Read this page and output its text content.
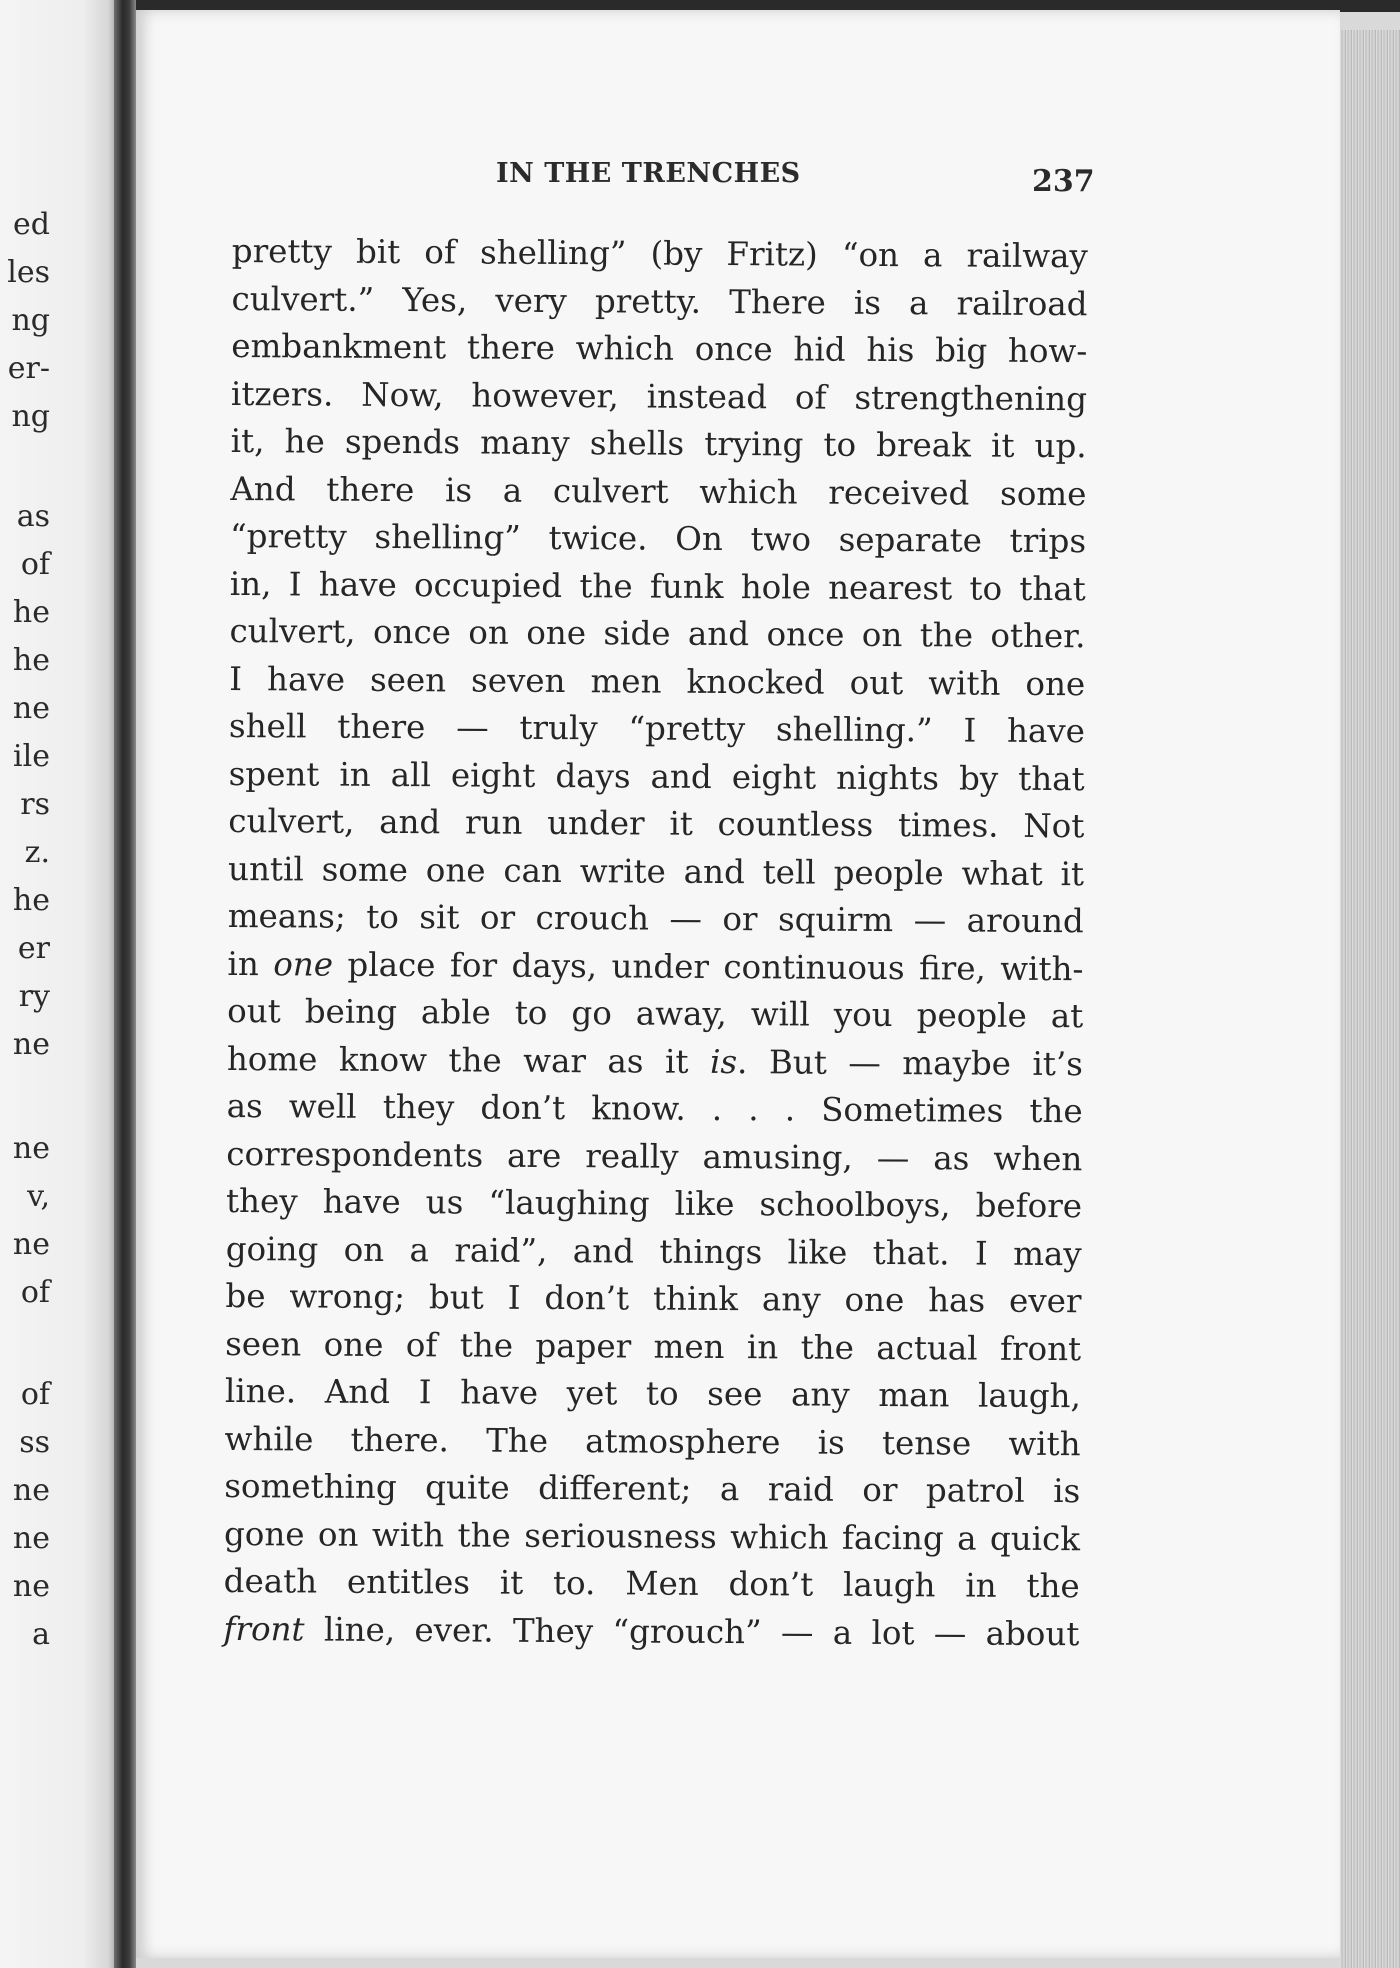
ed
les
ng
er-
ng
as
of
he
he
ne
ile
rs
z.
he
er
ry
ne
ne
v,
ne
of
of
ss
ne
ne
ne
a
IN THE TRENCHES	237
pretty bit of shelling” (by Fritz) “on a railway
culvert.” Yes, very pretty. There is a railroad
embankment there which once hid his big how-
itzers. Now, however, instead of strengthening
it, he spends many shells trying to break it up.
And there is a culvert which received some
“pretty shelling” twice. On two separate trips
in, I have occupied the funk hole nearest to that
culvert, once on one side and once on the other.
I have seen seven men knocked out with one
shell there — truly “pretty shelling.” I have
spent in all eight days and eight nights by that
culvert, and run under it countless times. Not
until some one can write and tell people what it
means; to sit or crouch — or squirm — around
in one place for days, under continuous fire, with-
out being able to go away, will you people at
home know the war as it is. But — maybe it’s
as well they don’t know. . . . Sometimes the
correspondents are really amusing, — as when
they have us “laughing like schoolboys, before
going on a raid”, and things like that. I may
be wrong; but I don’t think any one has ever
seen one of the paper men in the actual front
line. And I have yet to see any man laugh,
while there. The atmosphere is tense with
something quite different; a raid or patrol is
gone on with the seriousness which facing a quick
death entitles it to. Men don’t laugh in the
front line, ever. They “grouch” — a lot — about
